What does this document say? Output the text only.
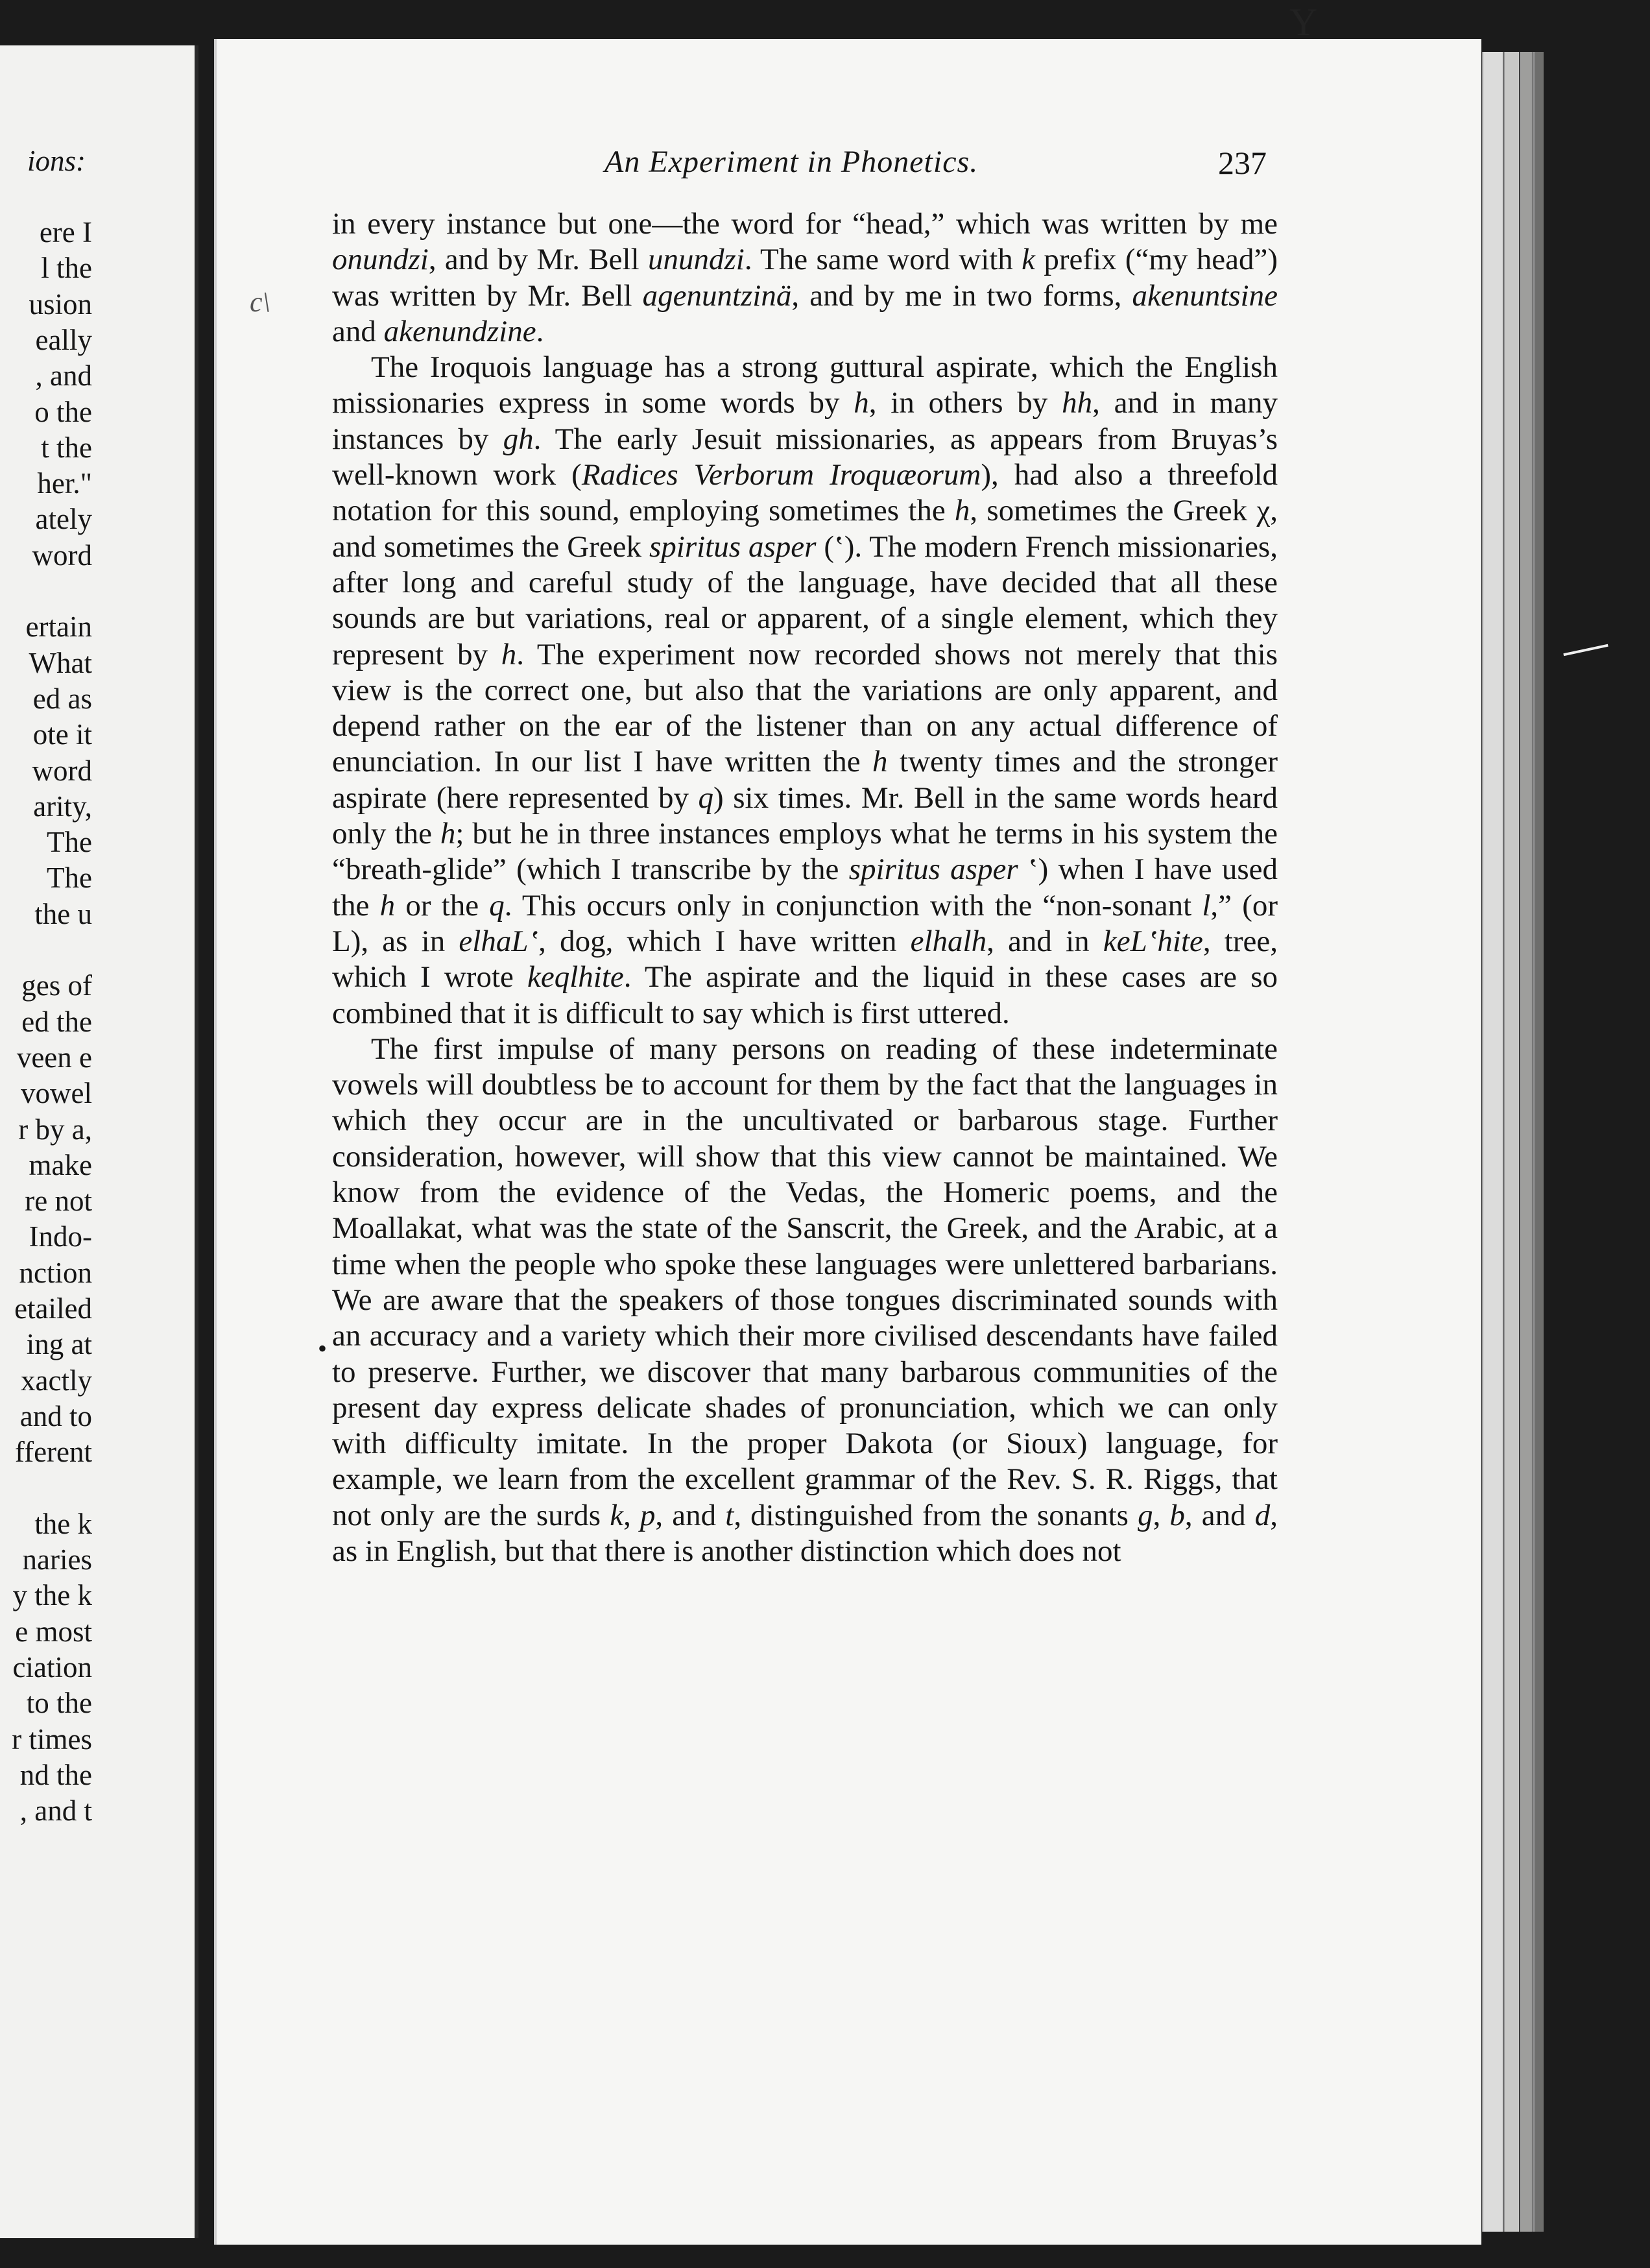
ions:
ere I
l the
usion
eally
, and
o the
t the
her."
ately
word
ertain
What
ed as
ote it
word
arity,
The
The
the u
ges of
ed the
veen e
vowel
r by a,
make
re not
Indo-
nction
etailed
ing at
xactly
and to
fferent
the k
naries
y the k
e most
ciation
to the
r times
nd the
, and t
Y
An Experiment in Phonetics.	237
c\
•

in every instance but one—the word for “head,” which was written by me onundzi, and by Mr. Bell unundzi. The same word with k prefix (“my head”) was written by Mr. Bell agenuntzinä, and by me in two forms, akenuntsine and akenundzine.

The Iroquois language has a strong guttural aspirate, which the English missionaries express in some words by h, in others by hh, and in many instances by gh. The early Jesuit missionaries, as appears from Bruyas’s well-known work (Radices Verborum Iroquæorum), had also a threefold notation for this sound, employing sometimes the h, sometimes the Greek χ, and sometimes the Greek spiritus asper (‛). The modern French missionaries, after long and careful study of the language, have decided that all these sounds are but variations, real or apparent, of a single element, which they represent by h. The experiment now recorded shows not merely that this view is the correct one, but also that the variations are only apparent, and depend rather on the ear of the listener than on any actual difference of enunciation. In our list I have written the h twenty times and the stronger aspirate (here represented by q) six times. Mr. Bell in the same words heard only the h; but he in three instances employs what he terms in his system the “breath-glide” (which I transcribe by the spiritus asper ‛) when I have used the h or the q. This occurs only in conjunction with the “non-sonant l,” (or L), as in elhaL‛, dog, which I have written elhalh, and in keL‛hite, tree, which I wrote keqlhite. The aspirate and the liquid in these cases are so combined that it is difficult to say which is first uttered.

The first impulse of many persons on reading of these indeterminate vowels will doubtless be to account for them by the fact that the languages in which they occur are in the uncultivated or barbarous stage. Further consideration, however, will show that this view cannot be maintained. We know from the evidence of the Vedas, the Homeric poems, and the Moallakat, what was the state of the Sanscrit, the Greek, and the Arabic, at a time when the people who spoke these languages were unlettered barbarians. We are aware that the speakers of those tongues discriminated sounds with an accuracy and a variety which their more civilised descendants have failed to preserve. Further, we discover that many barbarous communities of the present day express delicate shades of pronunciation, which we can only with difficulty imitate. In the proper Dakota (or Sioux) language, for example, we learn from the excellent grammar of the Rev. S. R. Riggs, that not only are the surds k, p, and t, distinguished from the sonants g, b, and d, as in English, but that there is another distinction which does not
